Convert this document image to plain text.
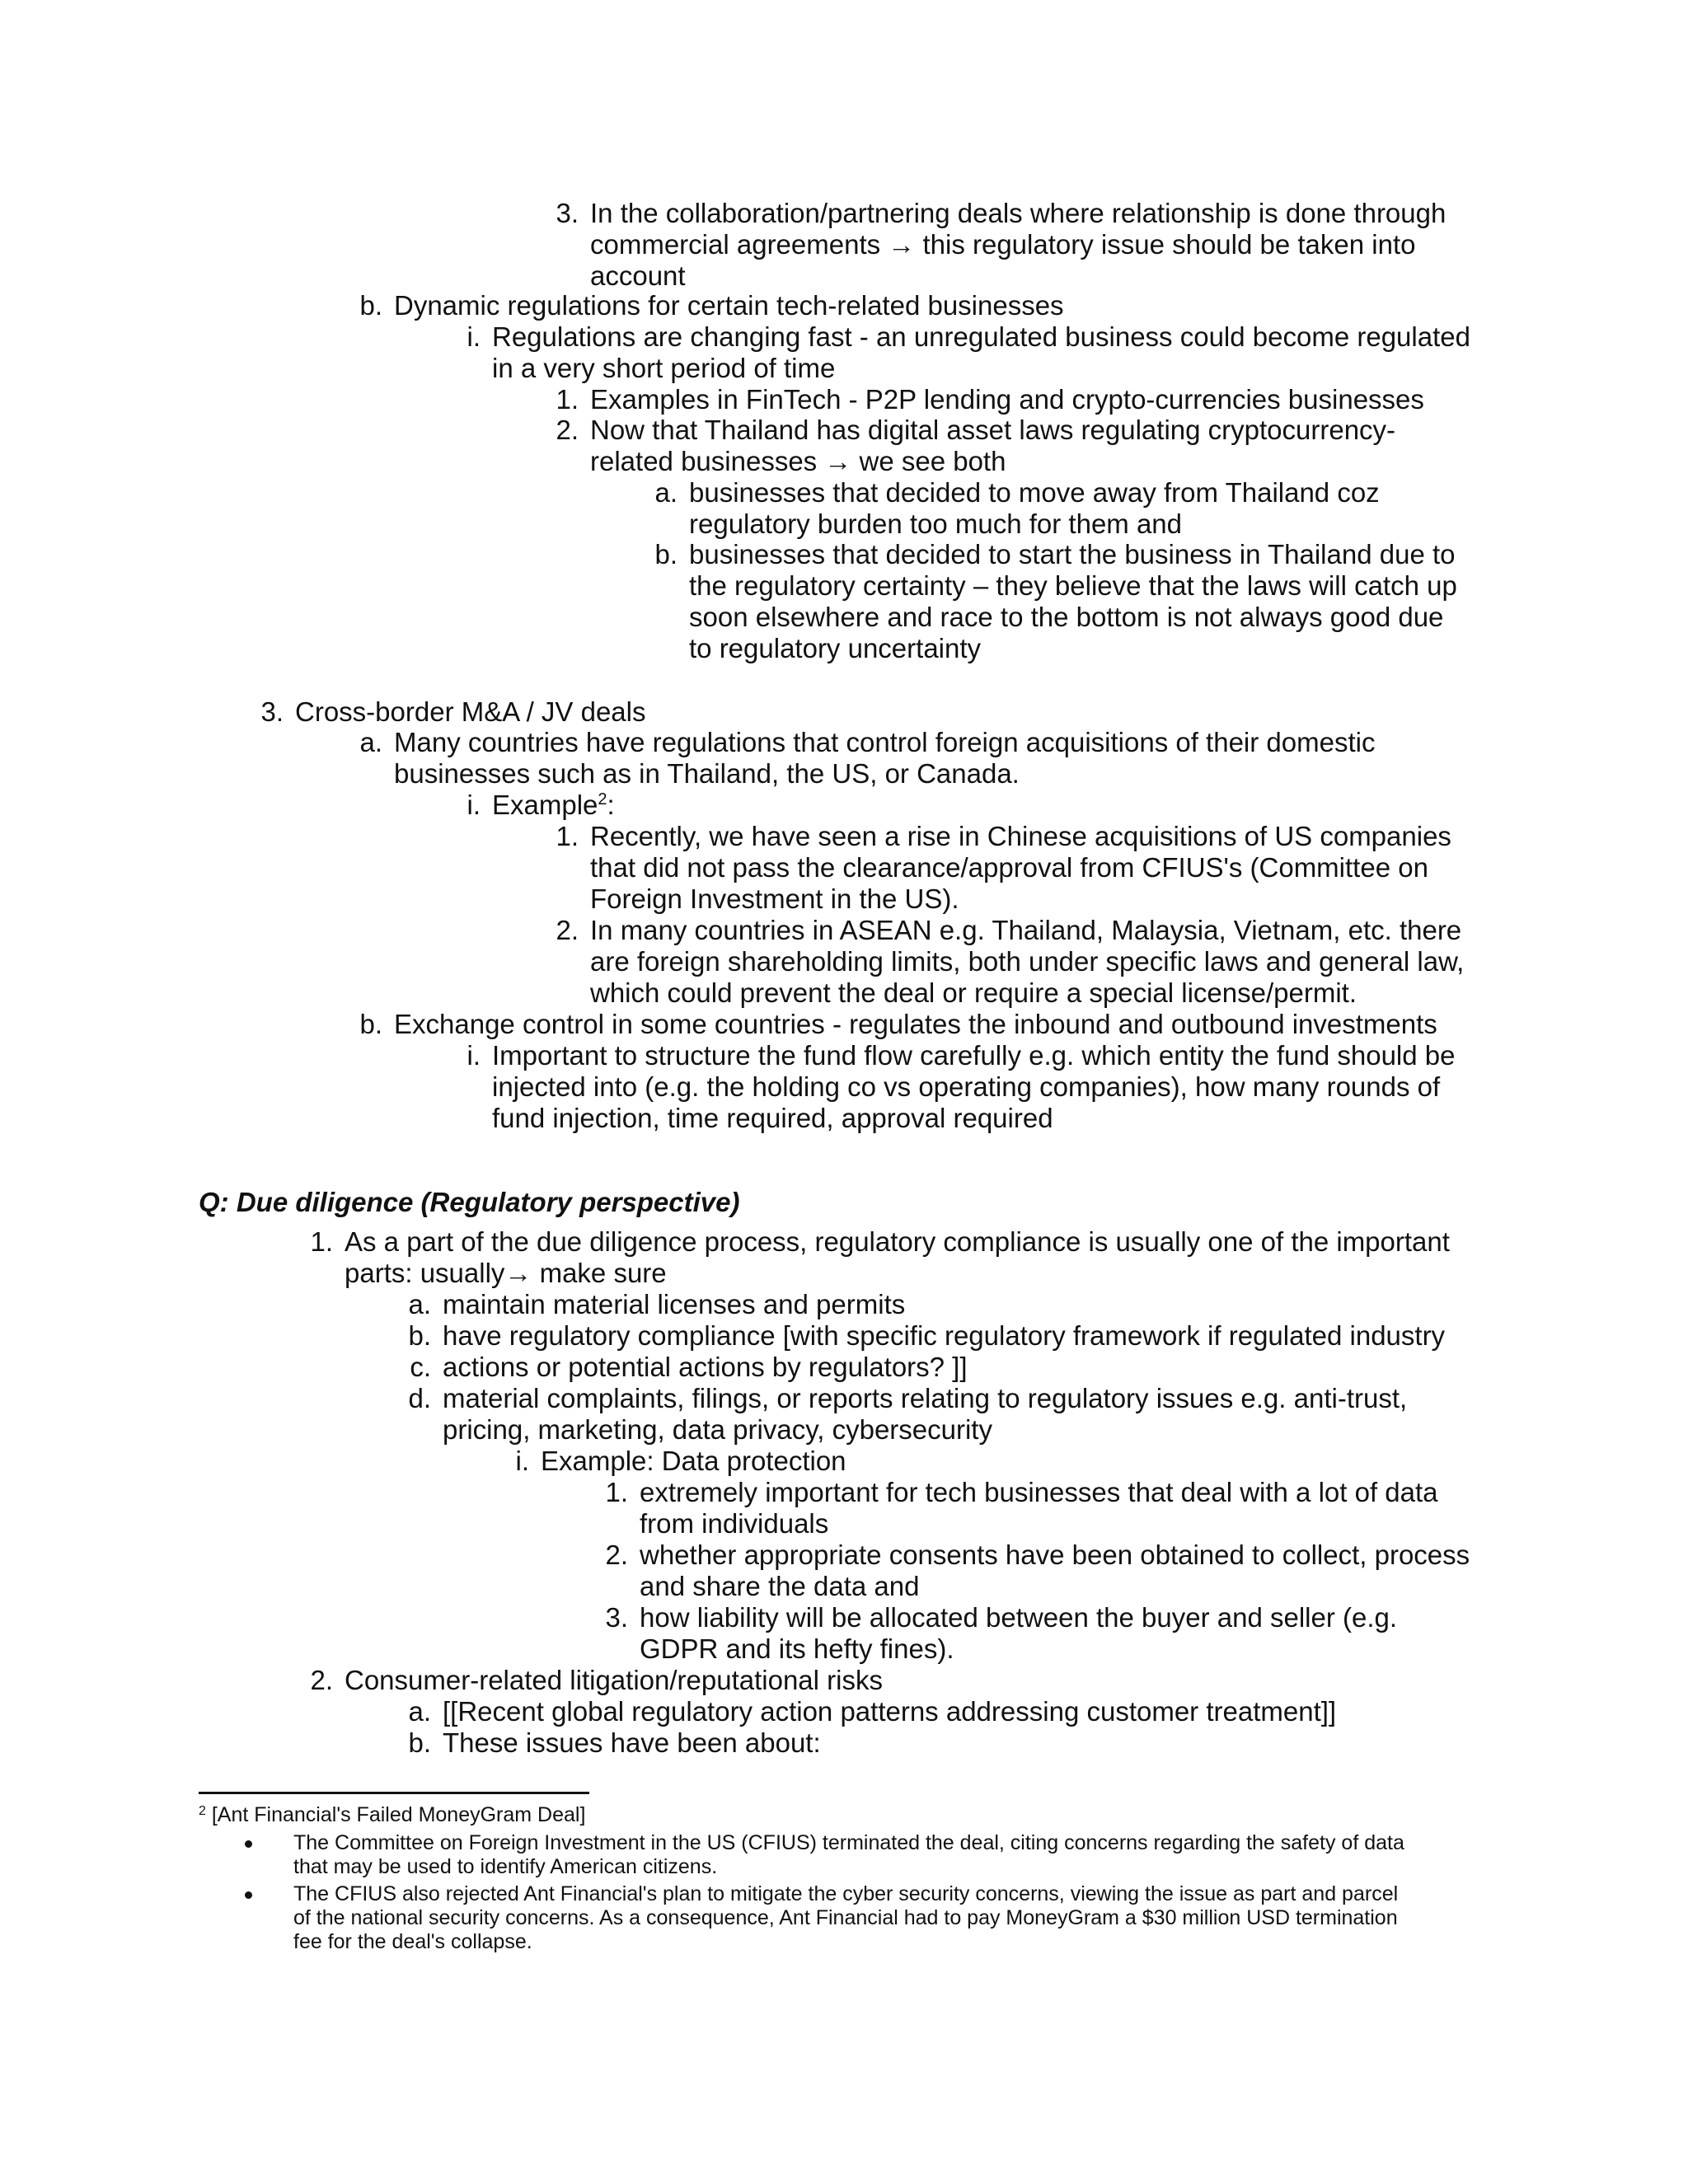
Q: Due diligence (Regulatory perspective)
$^2$ [Ant Financial's Failed MoneyGram Deal]
3. In the collaboration/partnering deals where relationship is done through
commercial agreements → this regulatory issue should be taken into
account
b. Dynamic regulations for certain tech-related businesses
i. Regulations are changing fast - an unregulated business could become regulated
in a very short period of time
1. Examples in FinTech - P2P lending and crypto-currencies businesses
2. Now that Thailand has digital asset laws regulating cryptocurrency-
related businesses → we see both
a. businesses that decided to move away from Thailand coz
regulatory burden too much for them and
b. businesses that decided to start the business in Thailand due to
the regulatory certainty – they believe that the laws will catch up
soon elsewhere and race to the bottom is not always good due
to regulatory uncertainty
3. Cross-border M&A / JV deals
a. Many countries have regulations that control foreign acquisitions of their domestic
businesses such as in Thailand, the US, or Canada.
i. Example$^2$:
1. Recently, we have seen a rise in Chinese acquisitions of US companies
that did not pass the clearance/approval from CFIUS's (Committee on
Foreign Investment in the US).
2. In many countries in ASEAN e.g. Thailand, Malaysia, Vietnam, etc. there
are foreign shareholding limits, both under specific laws and general law,
which could prevent the deal or require a special license/permit.
b. Exchange control in some countries - regulates the inbound and outbound investments
i. Important to structure the fund flow carefully e.g. which entity the fund should be
injected into (e.g. the holding co vs operating companies), how many rounds of
fund injection, time required, approval required
1. As a part of the due diligence process, regulatory compliance is usually one of the important
parts: usually→ make sure
a. maintain material licenses and permits
b. have regulatory compliance [with specific regulatory framework if regulated industry
c. actions or potential actions by regulators? ]]
d. material complaints, filings, or reports relating to regulatory issues e.g. anti-trust,
pricing, marketing, data privacy, cybersecurity
i. Example: Data protection
1. extremely important for tech businesses that deal with a lot of data
from individuals
2. whether appropriate consents have been obtained to collect, process
and share the data and
3. how liability will be allocated between the buyer and seller (e.g.
GDPR and its hefty fines).
2. Consumer-related litigation/reputational risks
a. [[Recent global regulatory action patterns addressing customer treatment]]
b. These issues have been about:
The Committee on Foreign Investment in the US (CFIUS) terminated the deal, citing concerns regarding the safety of data
that may be used to identify American citizens.
The CFIUS also rejected Ant Financial's plan to mitigate the cyber security concerns, viewing the issue as part and parcel
of the national security concerns. As a consequence, Ant Financial had to pay MoneyGram a $30 million USD termination
fee for the deal's collapse.
